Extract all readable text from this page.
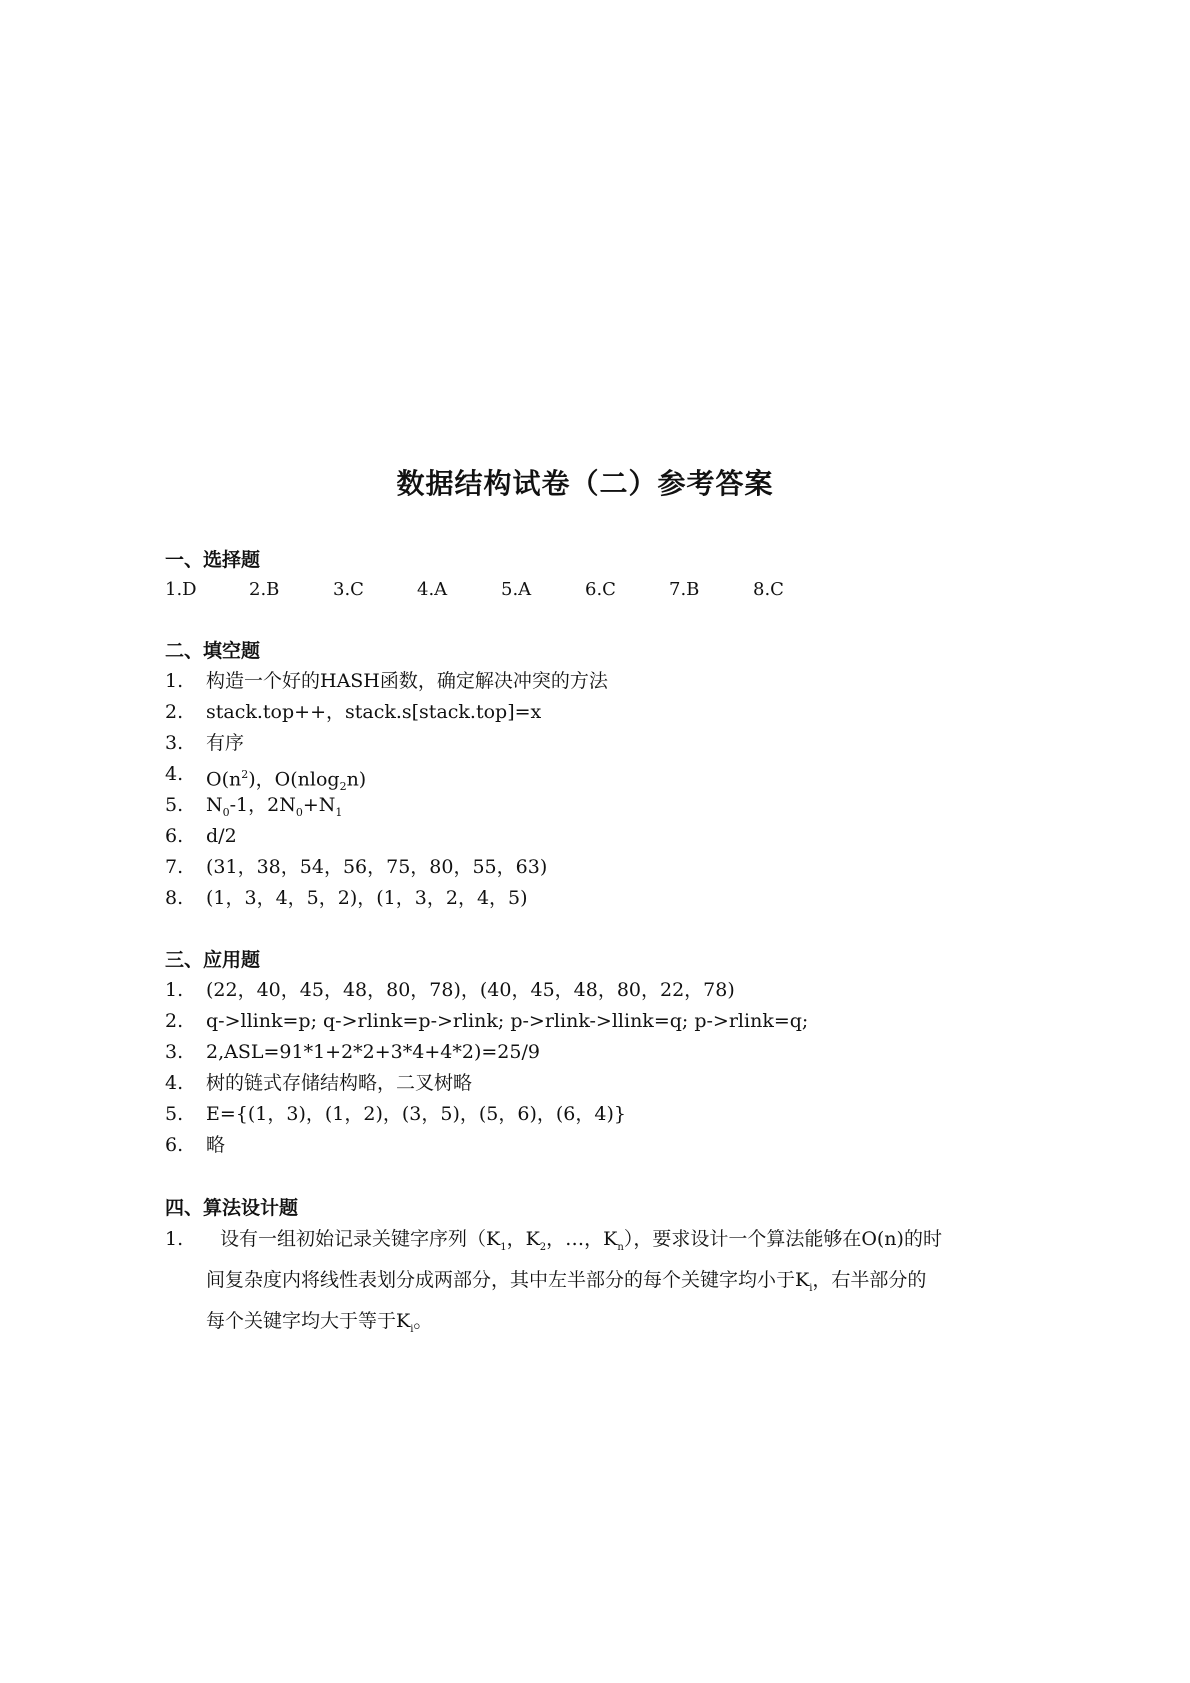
数据结构试卷（二）参考答案
一、选择题
1.D	2.B	3.C	4.A	5.A	6.C	7.B	8.C
二、填空题
1.	构造一个好的HASH函数，确定解决冲突的方法
2.	stack.top++，stack.s[stack.top]=x
3.	有序
4.	$O(n^2)$，O(nlog$_2$n)
5.	$N_0-1$，$2N_0+N_1$
6.	d/2
7.	(31，38，54，56，75，80，55，63)
8.	(1，3，4，5，2)，(1，3，2，4，5)
三、应用题
1.	(22，40，45，48，80，78)，(40，45，48，80，22，78)
2.	q->llink=p; q->rlink=p->rlink; p->rlink->llink=q; p->rlink=q;
3.	2,ASL=91*1+2*2+3*4+4*2)=25/9
4.	树的链式存储结构略，二叉树略
5.	E={(1，3)，(1，2)，(3，5)，(5，6)，(6，4)}
6.	略
四、算法设计题
1.	设有一组初始记录关键字序列（$K_1$，$K_2$，…，$K_n$），要求设计一个算法能够在O(n)的时
间复杂度内将线性表划分成两部分，其中左半部分的每个关键字均小于$K_i$，右半部分的
每个关键字均大于等于$K_i$。
